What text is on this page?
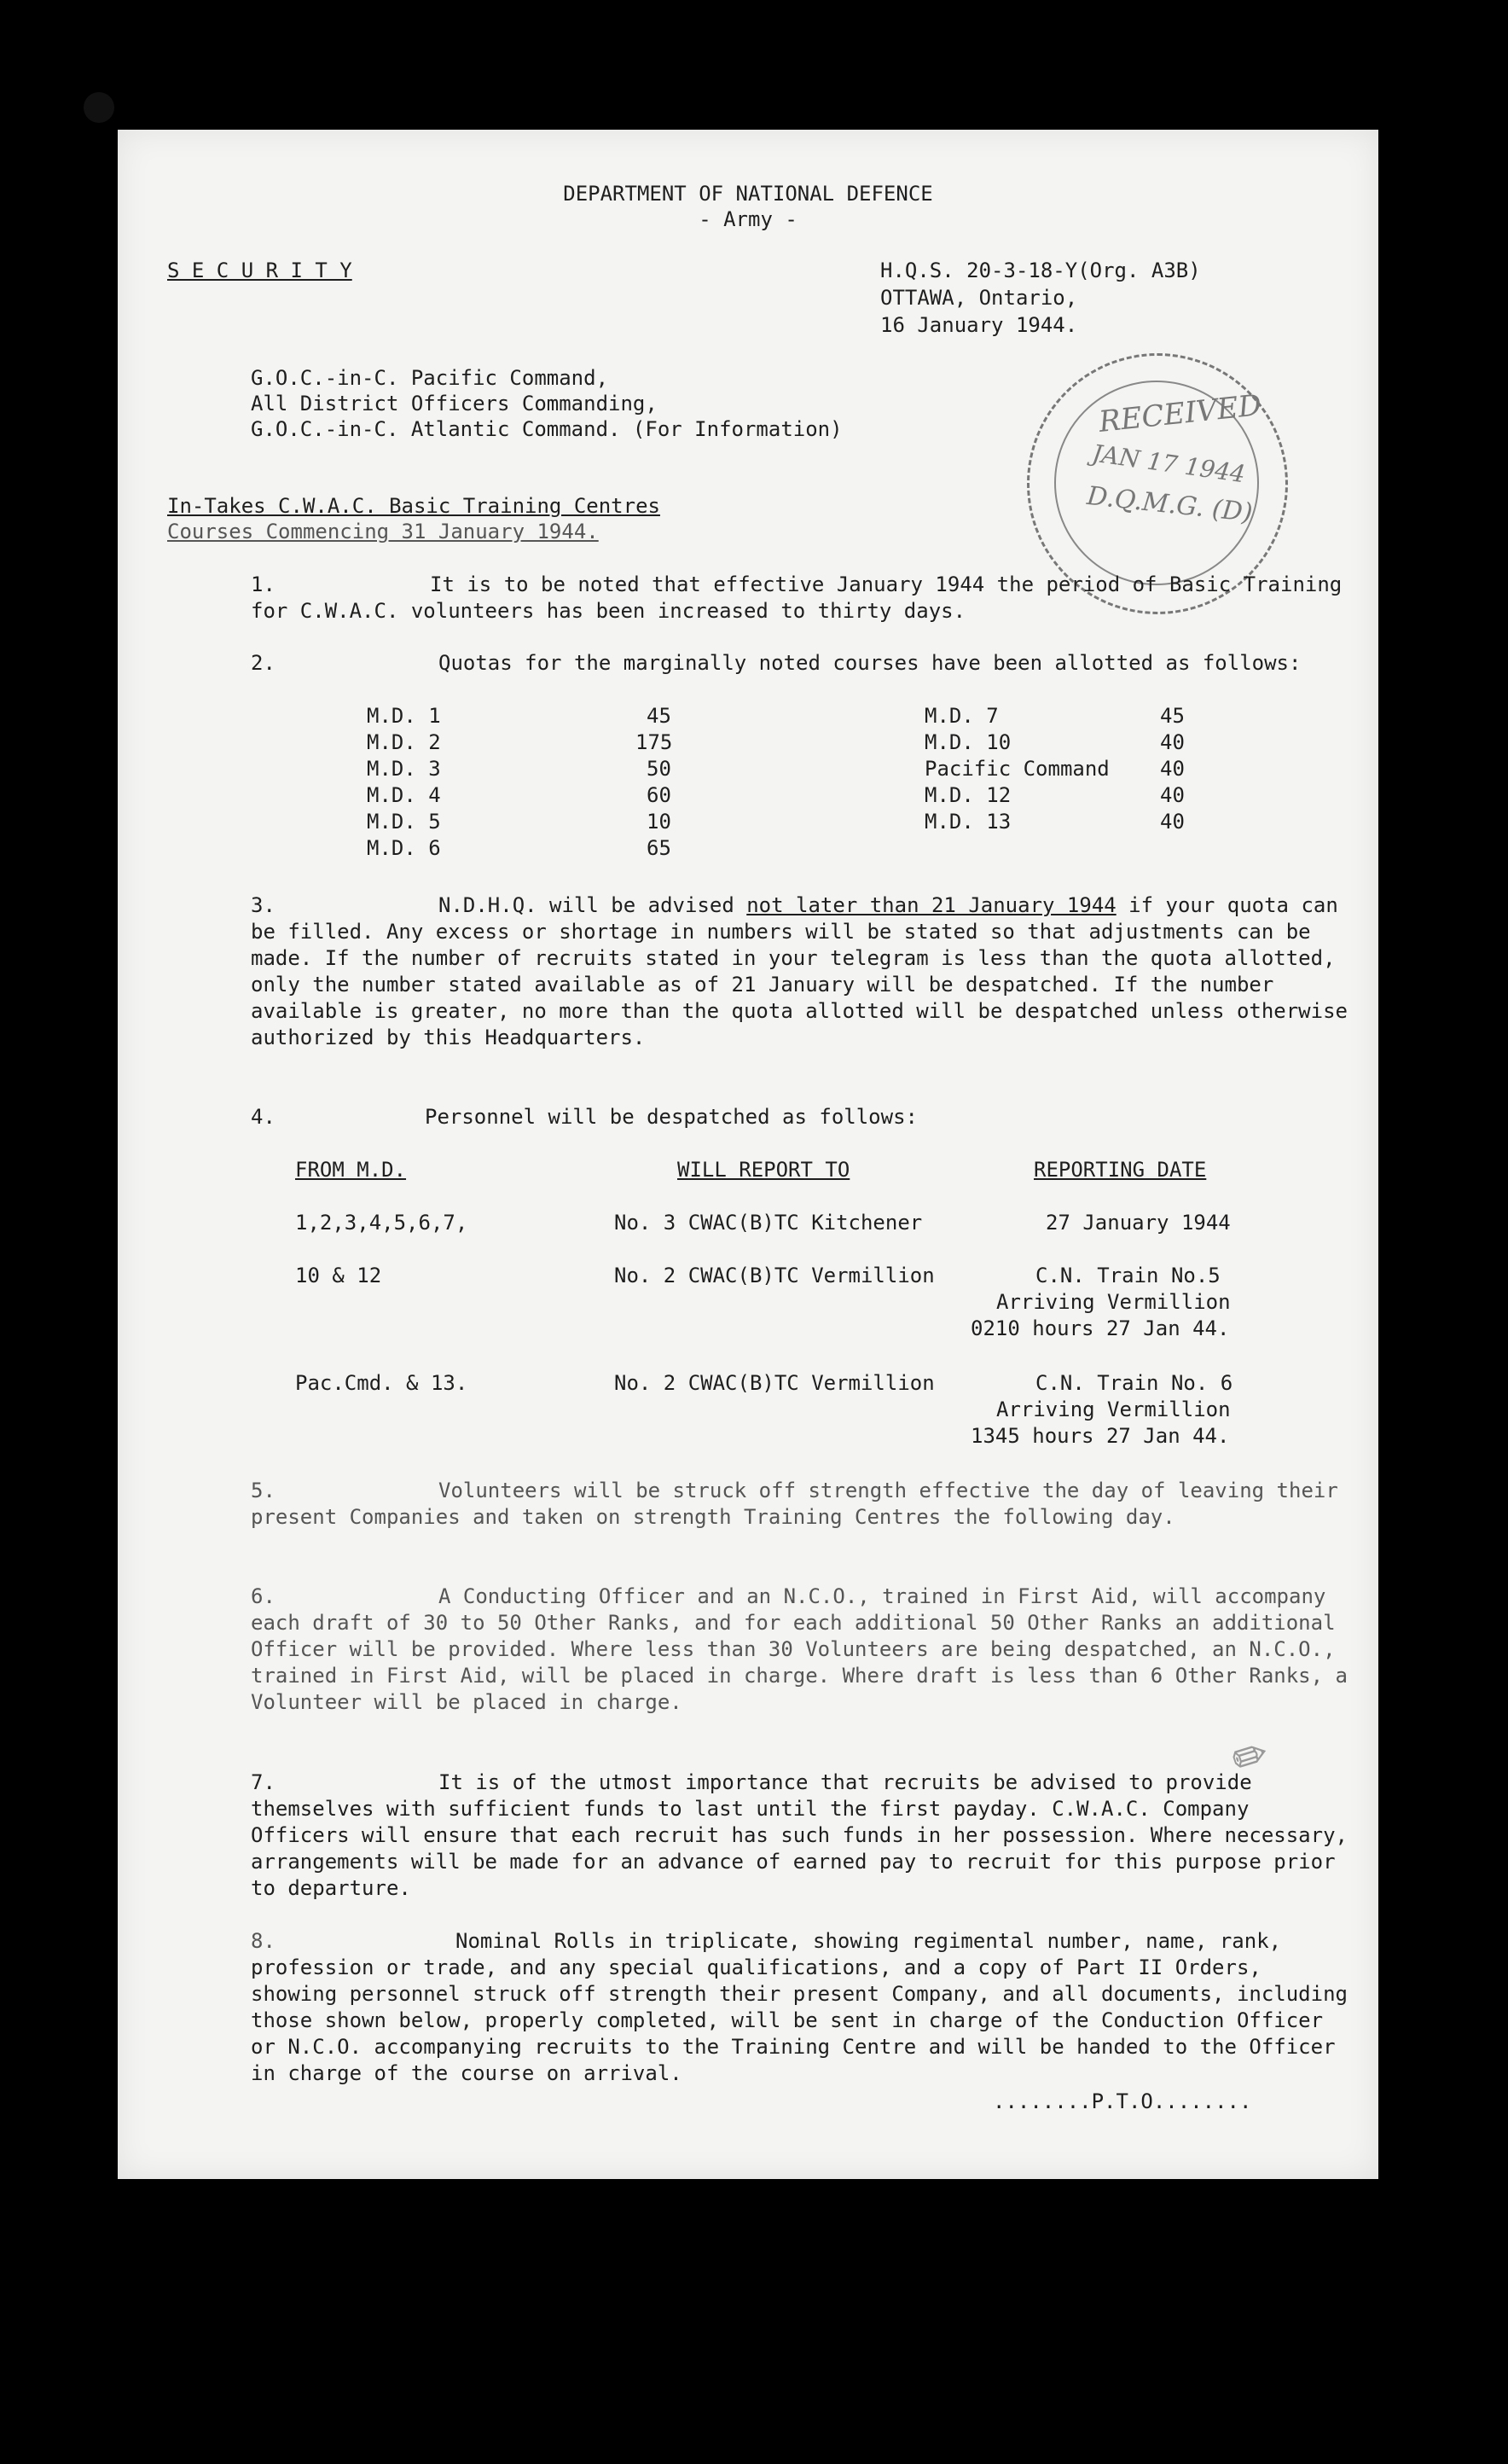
DEPARTMENT OF NATIONAL DEFENCE
- Army -
S E C U R I T Y	H.Q.S. 20-3-18-Y(Org. A3B)
OTTAWA, Ontario,
16 January 1944.
G.O.C.-in-C. Pacific Command,
All District Officers Commanding,
G.O.C.-in-C. Atlantic Command. (For Information)	RECEIVED
JAN 17 1944
D.Q.M.G. (D)
In-Takes C.W.A.C. Basic Training Centres
Courses Commencing 31 January 1944.
1.	It is to be noted that effective January 1944 the period of Basic Training for C.W.A.C. volunteers has been increased to thirty days.
2.	Quotas for the marginally noted courses have been allotted as follows:
M.D. 1	45
M.D. 2	175
M.D. 3	50
M.D. 4	60
M.D. 5	10
M.D. 6	65
M.D. 7	45
M.D. 10	40
Pacific Command 40
M.D. 12	40
M.D. 13	40
3.	N.D.H.Q. will be advised not later than 21 January 1944 if your quota can be filled. Any excess or shortage in numbers will be stated so that adjustments can be made. If the number of recruits stated in your telegram is less than the quota allotted, only the number stated available as of 21 January will be despatched. If the number available is greater, no more than the quota allotted will be despatched unless otherwise authorized by this Headquarters.
4.	Personnel will be despatched as follows:
FROM M.D.	WILL REPORT TO	REPORTING DATE
1,2,3,4,5,6,7,	No. 3 CWAC(B)TC Kitchener	27 January 1944
10 & 12	No. 2 CWAC(B)TC Vermillion	C.N. Train No.5
Arriving Vermillion
0210 hours 27 Jan 44.
Pac.Cmd. & 13.	No. 2 CWAC(B)TC Vermillion	C.N. Train No. 6
Arriving Vermillion
1345 hours 27 Jan 44.
5.	Volunteers will be struck off strength effective the day of leaving their present Companies and taken on strength Training Centres the following day.
6.	A Conducting Officer and an N.C.O., trained in First Aid, will accompany each draft of 30 to 50 Other Ranks, and for each additional 50 Other Ranks an additional Officer will be provided. Where less than 30 Volunteers are being despatched, an N.C.O., trained in First Aid, will be placed in charge. Where draft is less than 6 Other Ranks, a Volunteer will be placed in charge.
7.	It is of the utmost importance that recruits be advised to provide themselves with sufficient funds to last until the first payday. C.W.A.C. Company Officers will ensure that each recruit has such funds in her possession. Where necessary, arrangements will be made for an advance of earned pay to recruit for this purpose prior to departure.
8.	Nominal Rolls in triplicate, showing regimental number, name, rank, profession or trade, and any special qualifications, and a copy of Part II Orders, showing personnel struck off strength their present Company, and all documents, including those shown below, properly completed, will be sent in charge of the Conduction Officer or N.C.O. accompanying recruits to the Training Centre and will be handed to the Officer in charge of the course on arrival.
........P.T.O........
✎
